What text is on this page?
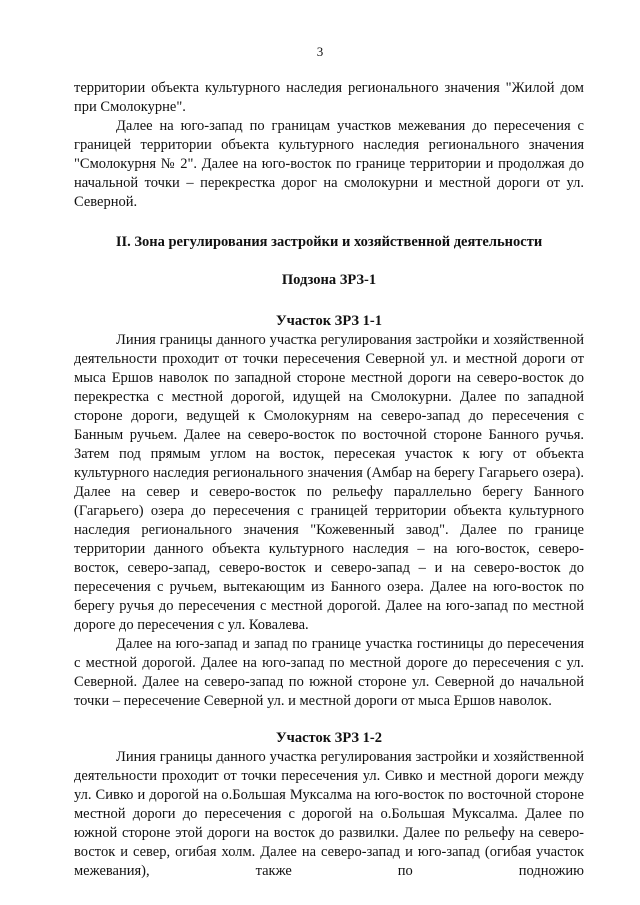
3

территории объекта культурного наследия регионального значения "Жилой дом при Смолокурне".

Далее на юго-запад по границам участков межевания до пересечения с границей территории объекта культурного наследия регионального значения "Смолокурня № 2". Далее на юго-восток по границе территории и продолжая до начальной точки – перекрестка дорог на смолокурни и местной дороги от ул. Северной.

II. Зона регулирования застройки и хозяйственной деятельности

Подзона ЗРЗ-1

Участок ЗРЗ 1-1

Линия границы данного участка регулирования застройки и хозяйственной деятельности проходит от точки пересечения Северной ул. и местной дороги от мыса Ершов наволок по западной стороне местной дороги на северо-восток до перекрестка с местной дорогой, идущей на Смолокурни. Далее по западной стороне дороги, ведущей к Смолокурням на северо-запад до пересечения с Банным ручьем. Далее на северо-восток по восточной стороне Банного ручья. Затем под прямым углом на восток, пересекая участок к югу от объекта культурного наследия регионального значения (Амбар на берегу Гагарьего озера). Далее на север и северо-восток по рельефу параллельно берегу Банного (Гагарьего) озера до пересечения с границей территории объекта культурного наследия регионального значения "Кожевенный завод". Далее по границе территории данного объекта культурного наследия – на юго-восток, северо-восток, северо-запад, северо-восток и северо-запад – и на северо-восток до пересечения с ручьем, вытекающим из Банного озера. Далее на юго-восток по берегу ручья до пересечения с местной дорогой. Далее на юго-запад по местной дороге до пересечения с ул. Ковалева.

Далее на юго-запад и запад по границе участка гостиницы до пересечения с местной дорогой. Далее на юго-запад по местной дороге до пересечения с ул. Северной. Далее на северо-запад по южной стороне ул. Северной до начальной точки – пересечение Северной ул. и местной дороги от мыса Ершов наволок.

Участок ЗРЗ 1-2

Линия границы данного участка регулирования застройки и хозяйственной деятельности проходит от точки пересечения ул. Сивко и местной дороги между ул. Сивко и дорогой на о.Большая Муксалма на юго-восток по восточной стороне местной дороги до пересечения с дорогой на о.Большая Муксалма. Далее по южной стороне этой дороги на восток до развилки. Далее по рельефу на северо-восток и север, огибая холм. Далее на северо-запад и юго-запад (огибая участок межевания), также по подножию
